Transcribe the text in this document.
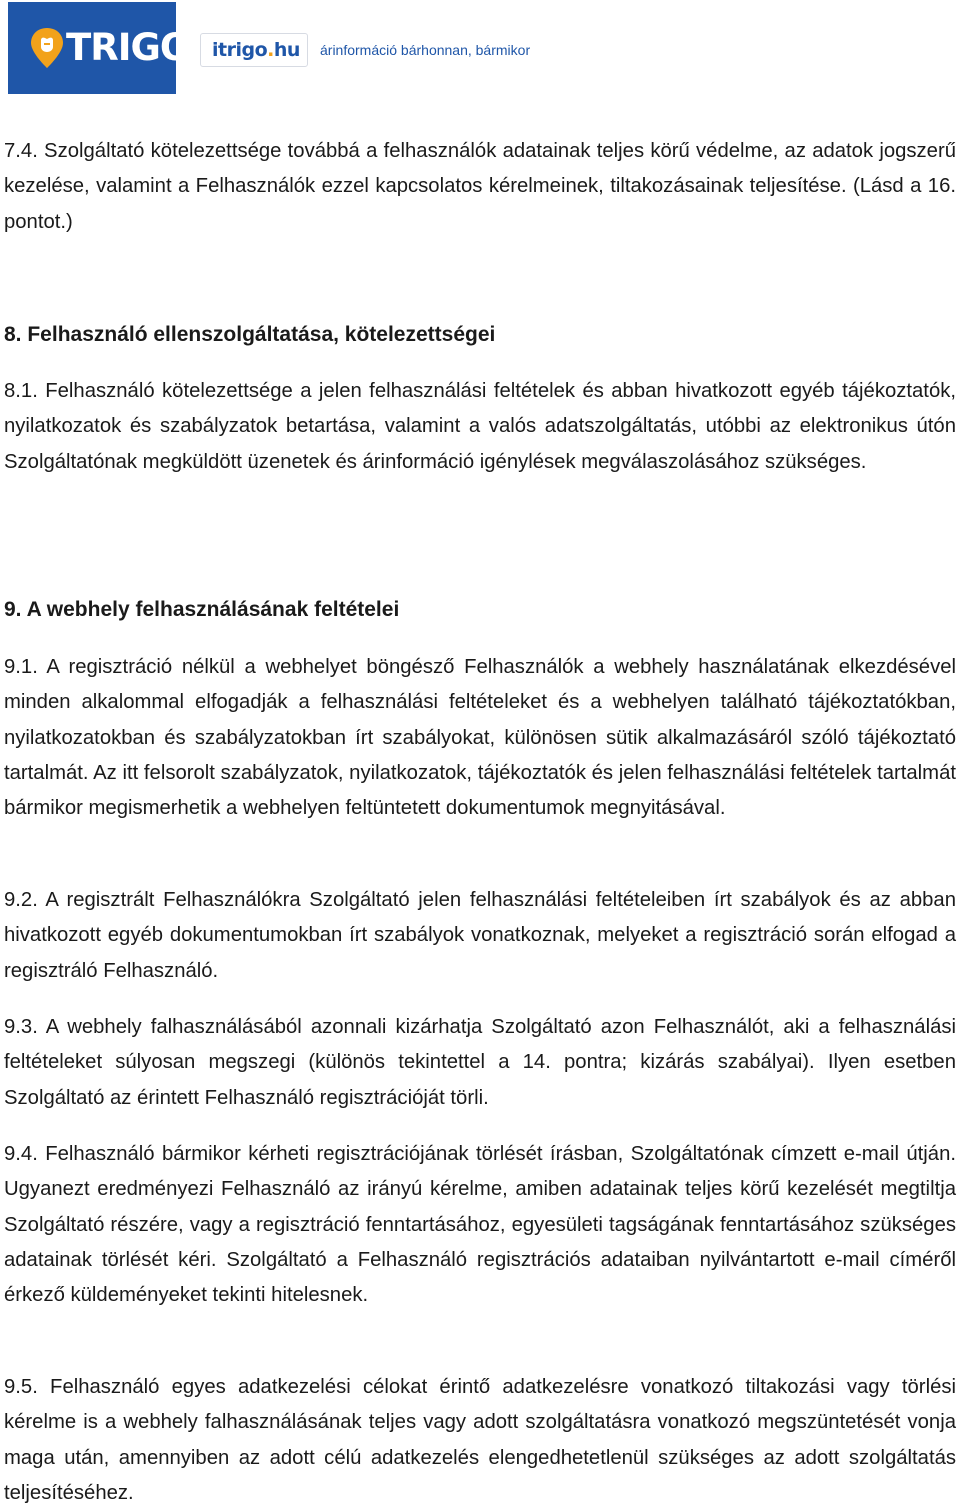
TRIGO itrigo.hu árinformáció bárhonnan, bármikor

7.4. Szolgáltató kötelezettsége továbbá a felhasználók adatainak teljes körű védelme, az adatok jogszerű kezelése, valamint a Felhasználók ezzel kapcsolatos kérelmeinek, tiltakozásainak teljesítése. (Lásd a 16. pontot.)

8. Felhasználó ellenszolgáltatása, kötelezettségei

8.1. Felhasználó kötelezettsége a jelen felhasználási feltételek és abban hivatkozott egyéb tájékoztatók, nyilatkozatok és szabályzatok betartása, valamint a valós adatszolgáltatás, utóbbi az elektronikus útón Szolgáltatónak megküldött üzenetek és árinformáció igénylések megválaszolásához szükséges.

9. A webhely felhasználásának feltételei

9.1. A regisztráció nélkül a webhelyet böngésző Felhasználók a webhely használatának elkezdésével minden alkalommal elfogadják a felhasználási feltételeket és a webhelyen található tájékoztatókban, nyilatkozatokban és szabályzatokban írt szabályokat, különösen sütik alkalmazásáról szóló tájékoztató tartalmát. Az itt felsorolt szabályzatok, nyilatkozatok, tájékoztatók és jelen felhasználási feltételek tartalmát bármikor megismerhetik a webhelyen feltüntetett dokumentumok megnyitásával.

9.2. A regisztrált Felhasználókra Szolgáltató jelen felhasználási feltételeiben írt szabályok és az abban hivatkozott egyéb dokumentumokban írt szabályok vonatkoznak, melyeket a regisztráció során elfogad a regisztráló Felhasználó.

9.3. A webhely falhasználásából azonnali kizárhatja Szolgáltató azon Felhasználót, aki a felhasználási feltételeket súlyosan megszegi (különös tekintettel a 14. pontra; kizárás szabályai). Ilyen esetben Szolgáltató az érintett Felhasználó regisztrációját törli.

9.4. Felhasználó bármikor kérheti regisztrációjának törlését írásban, Szolgáltatónak címzett e-mail útján. Ugyanezt eredményezi Felhasználó az irányú kérelme, amiben adatainak teljes körű kezelését megtiltja Szolgáltató részére, vagy a regisztráció fenntartásához, egyesületi tagságának fenntartásához szükséges adatainak törlését kéri. Szolgáltató a Felhasználó regisztrációs adataiban nyilvántartott e-mail címéről érkező küldeményeket tekinti hitelesnek.

9.5. Felhasználó egyes adatkezelési célokat érintő adatkezelésre vonatkozó tiltakozási vagy törlési kérelme is a webhely falhasználásának teljes vagy adott szolgáltatásra vonatkozó megszüntetését vonja maga után, amennyiben az adott célú adatkezelés elengedhetetlenül szükséges az adott szolgáltatás teljesítéséhez.
